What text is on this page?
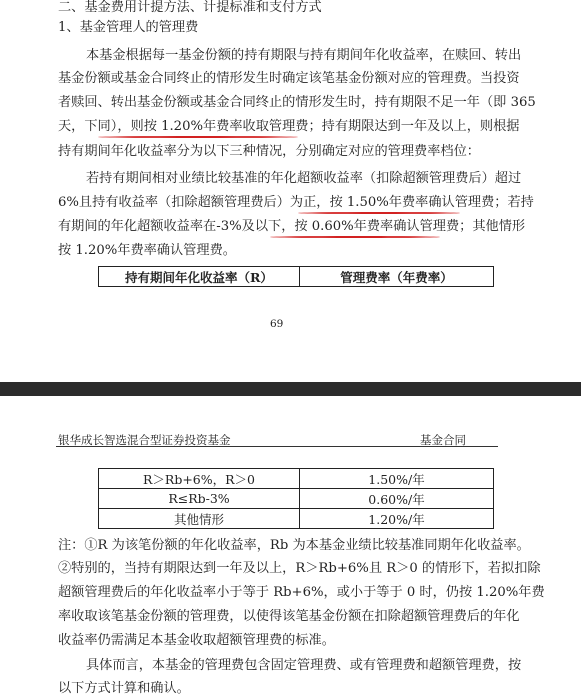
二、基金费用计提方法、计提标准和支付方式
1、基金管理人的管理费
本基金根据每一基金份额的持有期限与持有期间年化收益率，在赎回、转出
基金份额或基金合同终止的情形发生时确定该笔基金份额对应的管理费。当投资
者赎回、转出基金份额或基金合同终止的情形发生时，持有期限不足一年（即 365
天，下同），则按 1.20%年费率收取管理费；持有期限达到一年及以上，则根据
持有期间年化收益率分为以下三种情况，分别确定对应的管理费率档位：
若持有期间相对业绩比较基准的年化超额收益率（扣除超额管理费后）超过
6%且持有收益率（扣除超额管理费后）为正，按 1.50%年费率确认管理费；若持
有期间的年化超额收益率在-3%及以下，按 0.60%年费率确认管理费；其他情形
按 1.20%年费率确认管理费。
持有期间年化收益率（R）	管理费率（年费率）
69
银华成长智选混合型证券投资基金	基金合同
R＞Rb+6%，R＞0	1.50%/年
R≤Rb-3%	0.60%/年
其他情形	1.20%/年
注：①R 为该笔份额的年化收益率，Rb 为本基金业绩比较基准同期年化收益率。
②特别的，当持有期限达到一年及以上，R＞Rb+6%且 R＞0 的情形下，若拟扣除
超额管理费后的年化收益率小于等于 Rb+6%，或小于等于 0 时，仍按 1.20%年费
率收取该笔基金份额的管理费，以使得该笔基金份额在扣除超额管理费后的年化
收益率仍需满足本基金收取超额管理费的标准。
具体而言，本基金的管理费包含固定管理费、或有管理费和超额管理费，按
以下方式计算和确认。
